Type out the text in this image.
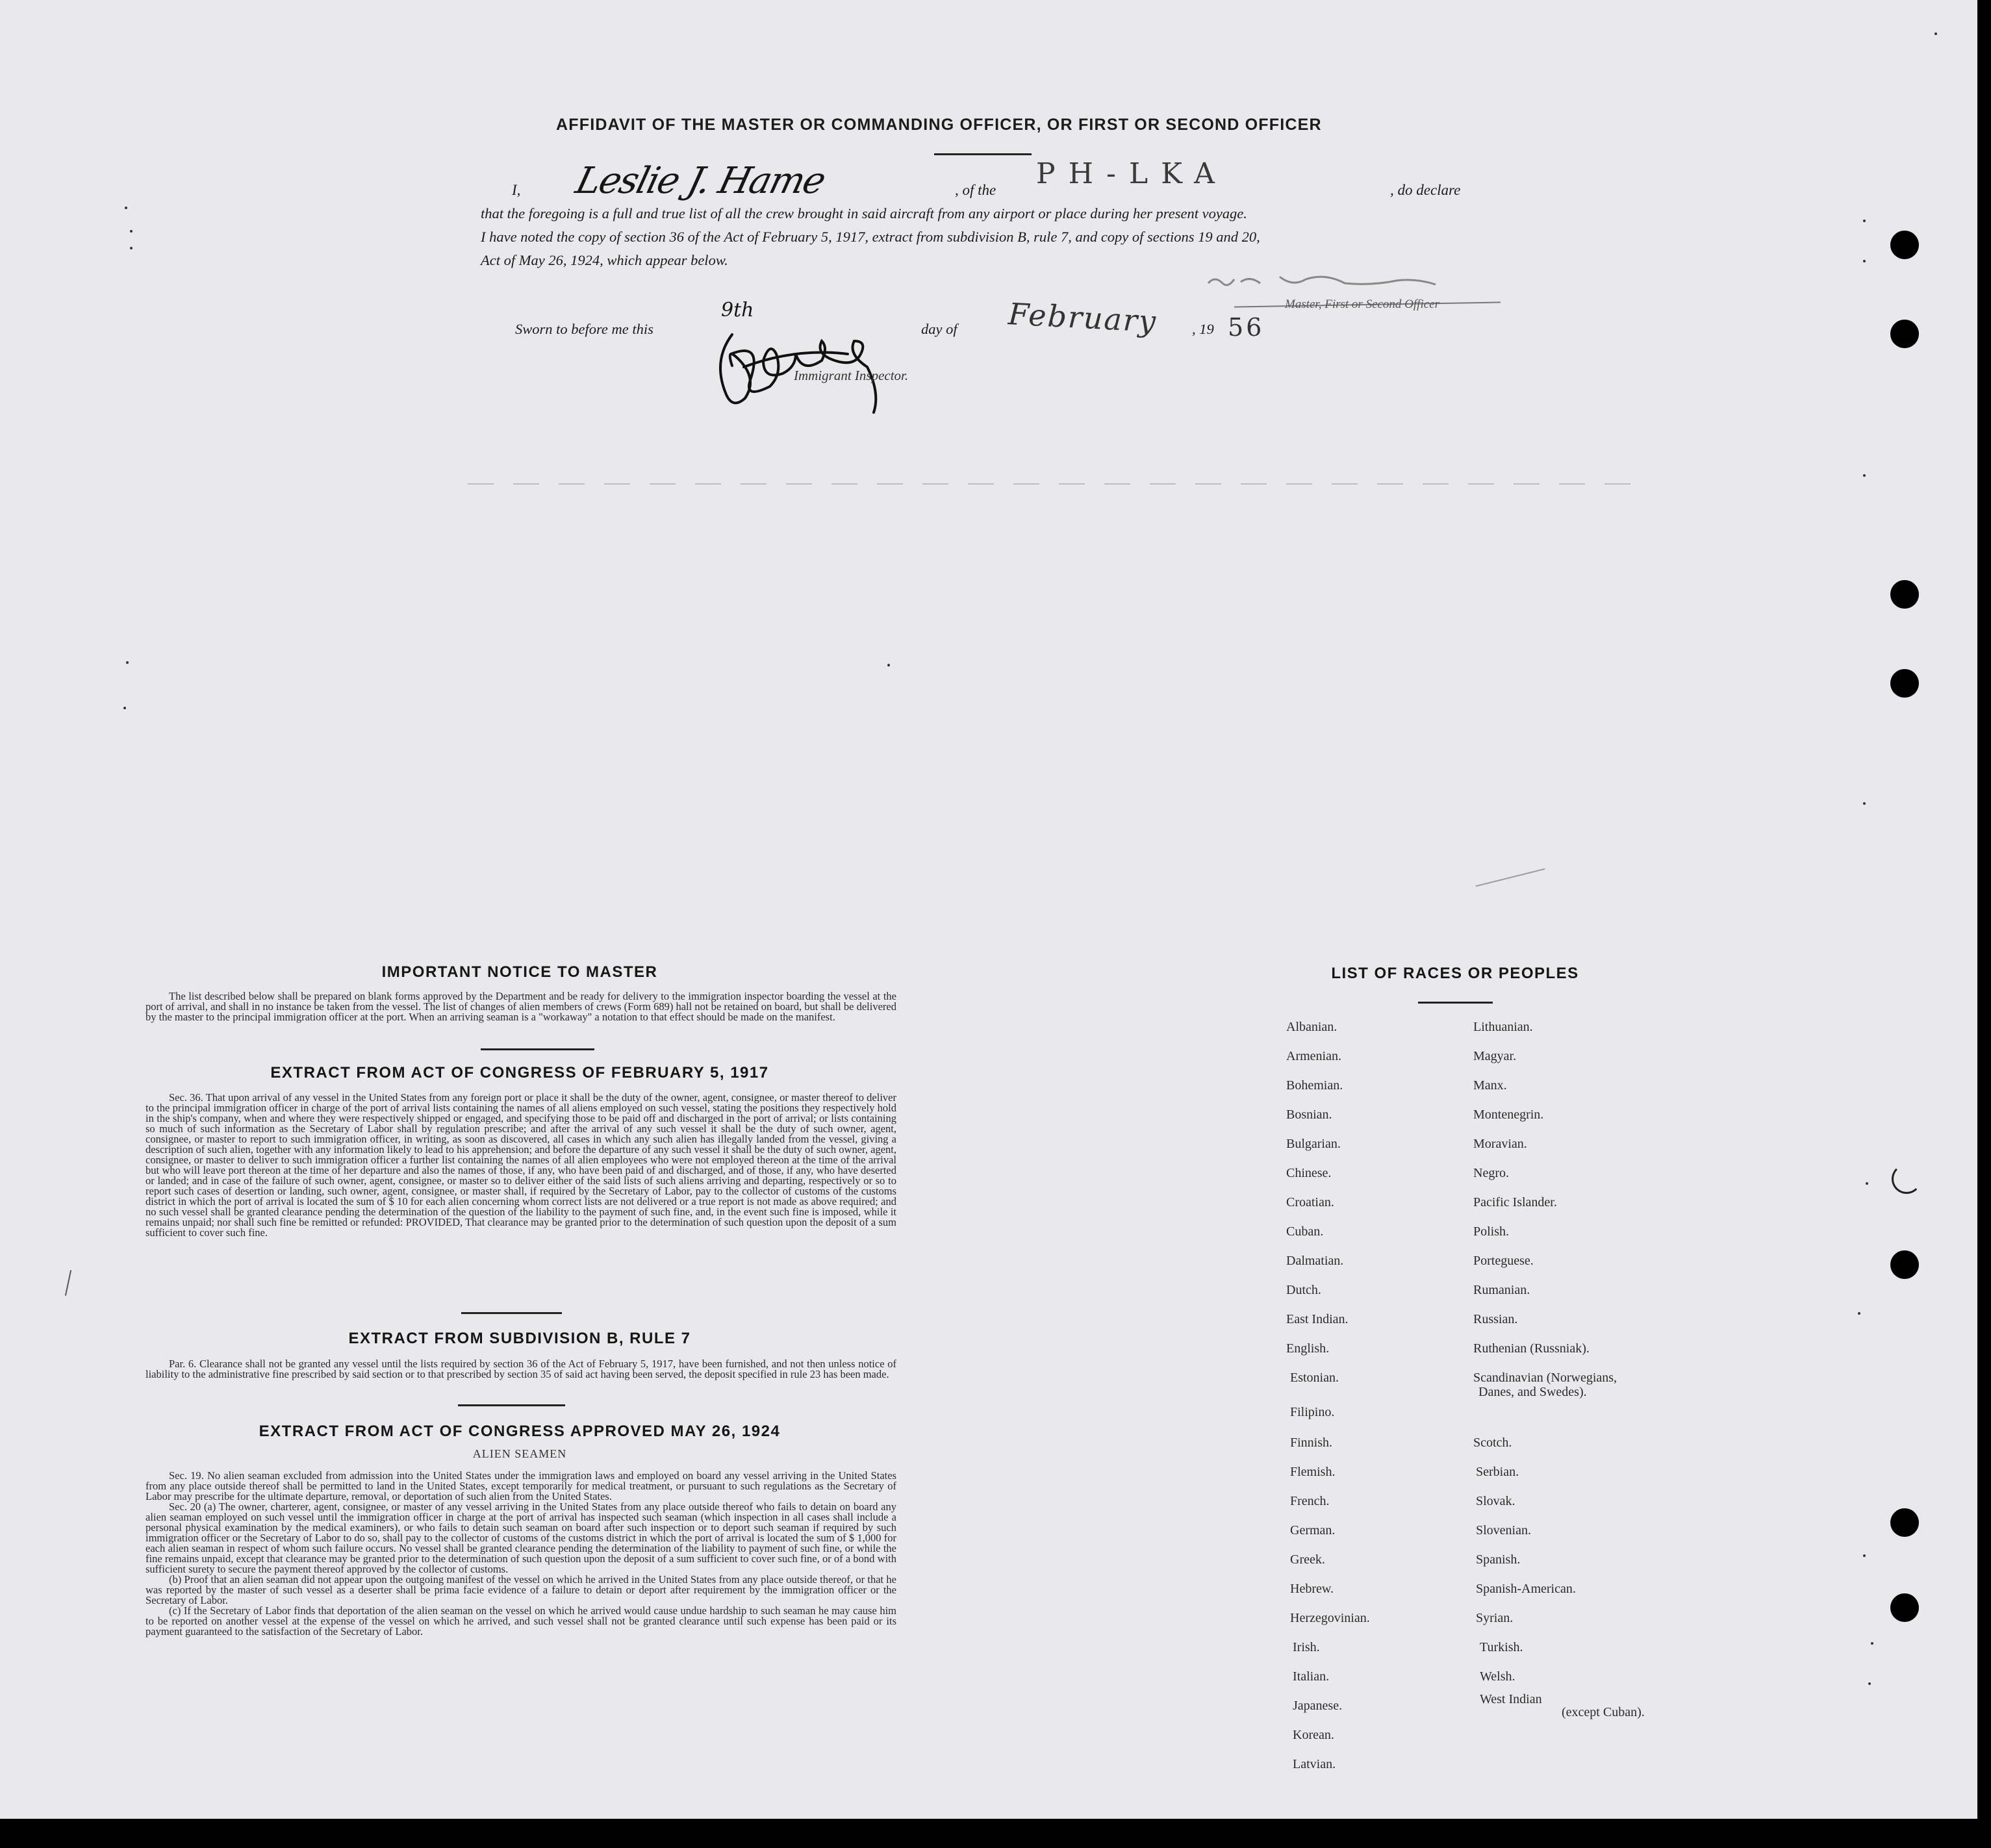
AFFIDAVIT OF THE MASTER OR COMMANDING OFFICER, OR FIRST OR SECOND OFFICER
I, Leslie J. Hame	, of the PH-LKA	, do declare
that the foregoing is a full and true list of all the crew brought in said aircraft from any airport or place during her present voyage.
I have noted the copy of section 36 of the Act of February 5, 1917, extract from subdivision B, rule 7, and copy of sections 19 and 20,
Act of May 26, 1924, which appear below.
Master, First or Second Officer
Sworn to before me this
9th
day of February , 19 56
Immigrant Inspector.
IMPORTANT NOTICE TO MASTER

The list described below shall be prepared on blank forms approved by the Department and be ready for delivery to the immigration inspector boarding the vessel at the port of arrival, and shall in no instance be taken from the vessel. The list of changes of alien members of crews (Form 689) hall not be retained on board, but shall be delivered by the master to the principal immigration officer at the port. When an arriving seaman is a "workaway" a notation to that effect should be made on the manifest.

EXTRACT FROM ACT OF CONGRESS OF FEBRUARY 5, 1917

Sec. 36. That upon arrival of any vessel in the United States from any foreign port or place it shall be the duty of the owner, agent, consignee, or master thereof to deliver to the principal immigration officer in charge of the port of arrival lists containing the names of all aliens employed on such vessel, stating the positions they respectively hold in the ship's company, when and where they were respectively shipped or engaged, and specifying those to be paid off and discharged in the port of arrival; or lists containing so much of such information as the Secretary of Labor shall by regulation prescribe; and after the arrival of any such vessel it shall be the duty of such owner, agent, consignee, or master to report to such immigration officer, in writing, as soon as discovered, all cases in which any such alien has illegally landed from the vessel, giving a description of such alien, together with any information likely to lead to his apprehension; and before the departure of any such vessel it shall be the duty of such owner, agent, consignee, or master to deliver to such immigration officer a further list containing the names of all alien employees who were not employed thereon at the time of the arrival but who will leave port thereon at the time of her departure and also the names of those, if any, who have been paid of and discharged, and of those, if any, who have deserted or landed; and in case of the failure of such owner, agent, consignee, or master so to deliver either of the said lists of such aliens arriving and departing, respectively or so to report such cases of desertion or landing, such owner, agent, consignee, or master shall, if required by the Secretary of Labor, pay to the collector of customs of the customs district in which the port of arrival is located the sum of $ 10 for each alien concerning whom correct lists are not delivered or a true report is not made as above required; and no such vessel shall be granted clearance pending the determination of the question of the liability to the payment of such fine, and, in the event such fine is imposed, while it remains unpaid; nor shall such fine be remitted or refunded: PROVIDED, That clearance may be granted prior to the determination of such question upon the deposit of a sum sufficient to cover such fine.

EXTRACT FROM SUBDIVISION B, RULE 7

Par. 6. Clearance shall not be granted any vessel until the lists required by section 36 of the Act of February 5, 1917, have been furnished, and not then unless notice of liability to the administrative fine prescribed by said section or to that prescribed by section 35 of said act having been served, the deposit specified in rule 23 has been made.

EXTRACT FROM ACT OF CONGRESS APPROVED MAY 26, 1924
ALIEN SEAMEN

Sec. 19. No alien seaman excluded from admission into the United States under the immigration laws and employed on board any vessel arriving in the United States from any place outside thereof shall be permitted to land in the United States, except temporarily for medical treatment, or pursuant to such regulations as the Secretary of Labor may prescribe for the ultimate departure, removal, or deportation of such alien from the United States.

Sec. 20 (a) The owner, charterer, agent, consignee, or master of any vessel arriving in the United States from any place outside thereof who fails to detain on board any alien seaman employed on such vessel until the immigration officer in charge at the port of arrival has inspected such seaman (which inspection in all cases shall include a personal physical examination by the medical examiners), or who fails to detain such seaman on board after such inspection or to deport such seaman if required by such immigration officer or the Secretary of Labor to do so, shall pay to the collector of customs of the customs district in which the port of arrival is located the sum of $ 1,000 for each alien seaman in respect of whom such failure occurs. No vessel shall be granted clearance pending the determination of the liability to payment of such fine, or while the fine remains unpaid, except that clearance may be granted prior to the determination of such question upon the deposit of a sum sufficient to cover such fine, or of a bond with sufficient surety to secure the payment thereof approved by the collector of customs.

(b) Proof that an alien seaman did not appear upon the outgoing manifest of the vessel on which he arrived in the United States from any place outside thereof, or that he was reported by the master of such vessel as a deserter shall be prima facie evidence of a failure to detain or deport after requirement by the immigration officer or the Secretary of Labor.

(c) If the Secretary of Labor finds that deportation of the alien seaman on the vessel on which he arrived would cause undue hardship to such seaman he may cause him to be reported on another vessel at the expense of the vessel on which he arrived, and such vessel shall not be granted clearance until such expense has been paid or its payment guaranteed to the satisfaction of the Secretary of Labor.

LIST OF RACES OR PEOPLES
Albanian.
Armenian.
Bohemian.
Bosnian.
Bulgarian.
Chinese.
Croatian.
Cuban.
Dalmatian.
Dutch.
East Indian.
English.
Estonian.
Filipino.
Finnish.
Flemish.
French.
German.
Greek.
Hebrew.
Herzegovinian.
Irish.
Italian.
Japanese.
Korean.
Latvian.
Lithuanian.
Magyar.
Manx.
Montenegrin.
Moravian.
Negro.
Pacific Islander.
Polish.
Porteguese.
Rumanian.
Russian.
Ruthenian (Russniak).
Scandinavian (Norwegians,
Scotch.
Serbian.
Slovak.
Slovenian.
Spanish.
Spanish-American.
Syrian.
Turkish.
Welsh.
West Indian
Danes, and Swedes).
(except Cuban).
